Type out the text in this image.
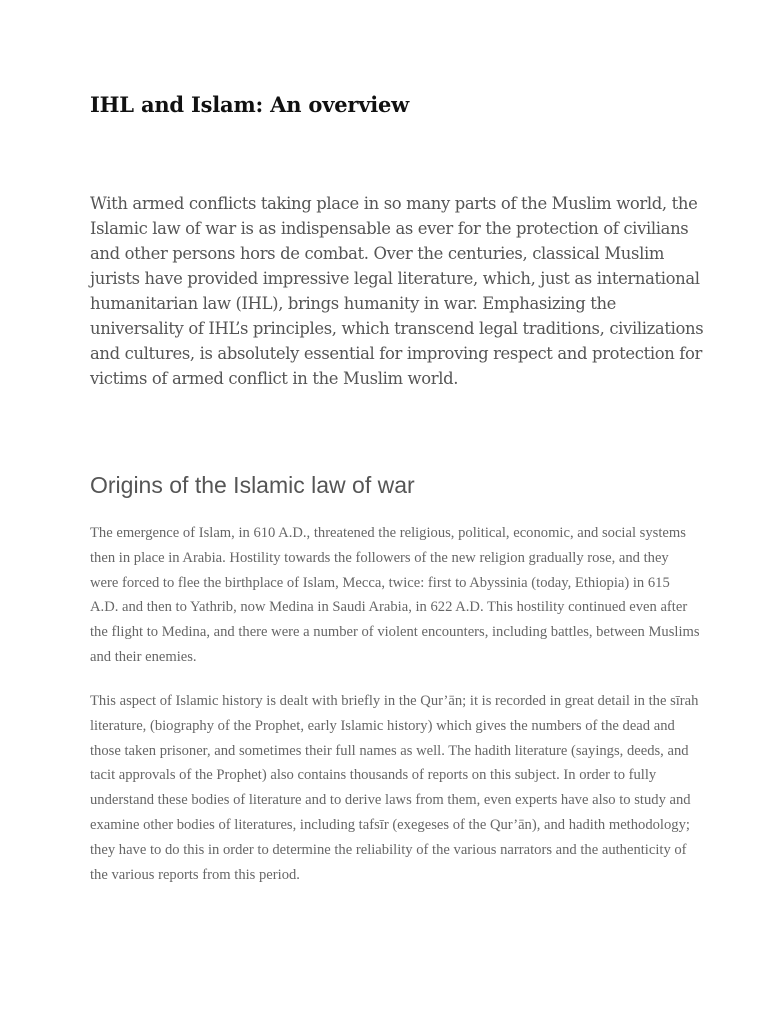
IHL and Islam: An overview

With armed conflicts taking place in so many parts of the Muslim world, the Islamic law of war is as indispensable as ever for the protection of civilians and other persons hors de combat. Over the centuries, classical Muslim jurists have provided impressive legal literature, which, just as international humanitarian law (IHL), brings humanity in war. Emphasizing the universality of IHL’s principles, which transcend legal traditions, civilizations and cultures, is absolutely essential for improving respect and protection for victims of armed conflict in the Muslim world.

Origins of the Islamic law of war

The emergence of Islam, in 610 A.D., threatened the religious, political, economic, and social systems then in place in Arabia. Hostility towards the followers of the new religion gradually rose, and they were forced to flee the birthplace of Islam, Mecca, twice: first to Abyssinia (today, Ethiopia) in 615 A.D. and then to Yathrib, now Medina in Saudi Arabia, in 622 A.D. This hostility continued even after the flight to Medina, and there were a number of violent encounters, including battles, between Muslims and their enemies.

This aspect of Islamic history is dealt with briefly in the Qur’ān; it is recorded in great detail in the sīrah literature, (biography of the Prophet, early Islamic history) which gives the numbers of the dead and those taken prisoner, and sometimes their full names as well. The hadith literature (sayings, deeds, and tacit approvals of the Prophet) also contains thousands of reports on this subject. In order to fully understand these bodies of literature and to derive laws from them, even experts have also to study and examine other bodies of literatures, including tafsīr (exegeses of the Qur’ān), and hadith methodology; they have to do this in order to determine the reliability of the various narrators and the authenticity of the various reports from this period.
